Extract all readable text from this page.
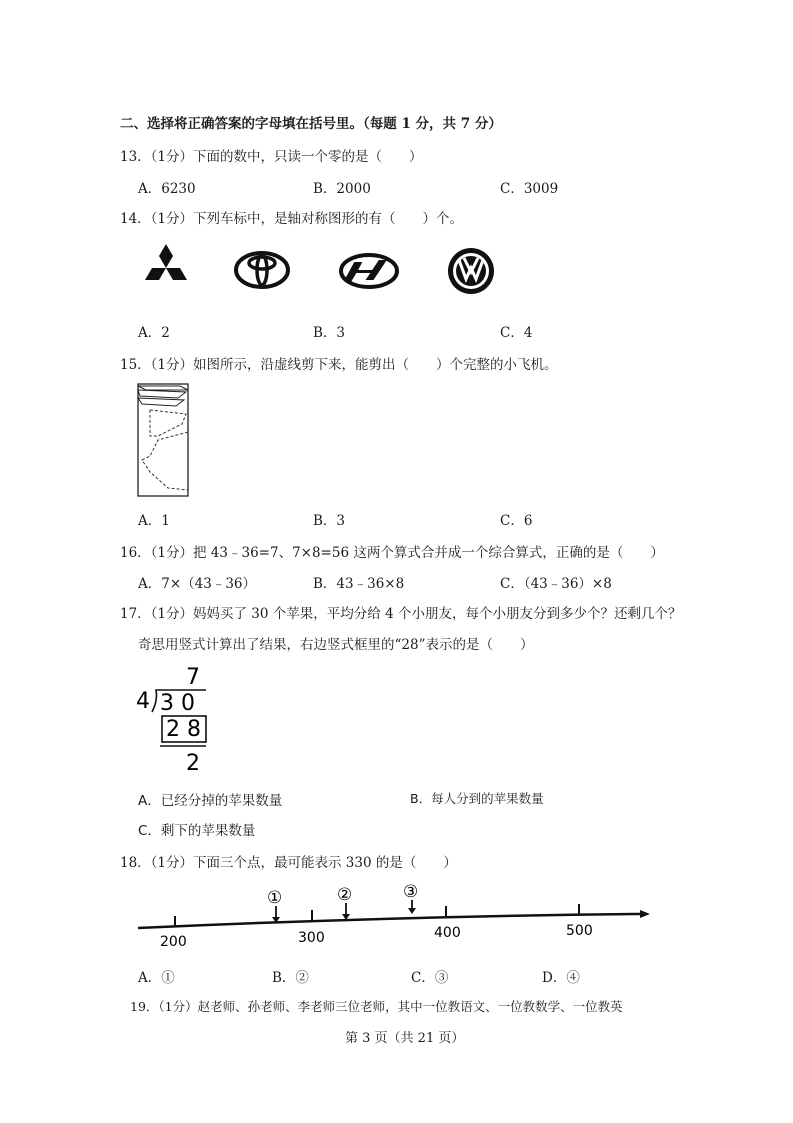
二、选择将正确答案的字母填在括号里。（每题 1 分，共 7 分）
13．（1分）下面的数中，只读一个零的是（　　）
A．6230	B．2000	C．3009
14．（1分）下列车标中，是轴对称图形的有（　　）个。
A．2	B．3	C．4
15．（1分）如图所示，沿虚线剪下来，能剪出（　　）个完整的小飞机。
A．1	B．3	C．6
16．（1分）把 43﹣36=7、7×8=56 这两个算式合并成一个综合算式，正确的是（　　）
A．7×（43﹣36）	B．43﹣36×8	C．（43﹣36）×8
17．（1分）妈妈买了 30 个苹果，平均分给 4 个小朋友，每个小朋友分到多少个？还剩几个？
奇思用竖式计算出了结果，右边竖式框里的“28”表示的是（　　）
7
4 3 0
2 8
2
A．已经分掉的苹果数量	B．每人分到的苹果数量
C．剩下的苹果数量
18．（1分）下面三个点，最可能表示 330 的是（　　）
200	300	400	500
①	②	③
A．①	B．②	C．③	D．④
19．（1分）赵老师、孙老师、李老师三位老师，其中一位教语文、一位教数学、一位教英
第 3 页（共 21 页）
